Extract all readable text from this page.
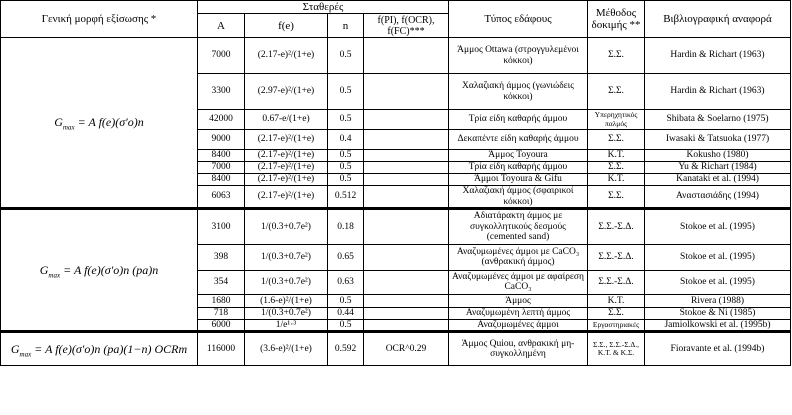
Γενική μορφή εξίσωσης *	Σταθερές				Τύπος εδάφους	Μέθοδος δοκιμής **	Βιβλιογραφική αναφορά
	A	f(e)	n	f(PI), f(OCR), f(FC)***			
$G_{max} = A$ f(e)(σ′o)n	7000	(2.17-e)²/(1+e)	0.5		Άμμος Ottawa (στρογγυλεμένοι κόκκοι)	Σ.Σ.	Hardin & Richart (1963)
	3300	(2.97-e)²/(1+e)	0.5		Χαλαζιακή άμμος (γωνιώδεις κόκκοι)	Σ.Σ.	Hardin & Richart (1963)
	42000	0.67-e/(1+e)	0.5		Τρία είδη καθαρής άμμου	Υπερηχητικός παλμός	Shibata & Soelarno (1975)
	9000	(2.17-e)²/(1+e)	0.4		Δεκαπέντε είδη καθαρής άμμου	Σ.Σ.	Iwasaki & Tatsuoka (1977)
	8400	(2.17-e)²/(1+e)	0.5		Άμμος Toyoura	Κ.Τ.	Kokusho (1980)
	7000	(2.17-e)²/(1+e)	0.5		Τρία είδη καθαρής άμμου	Σ.Σ.	Yu & Richart (1984)
	8400	(2.17-e)²/(1+e)	0.5		Άμμοι Toyoura & Gifu	Κ.Τ.	Kanatakί et al. (1994)
	6063	(2.17-e)²/(1+e)	0.512		Χαλαζιακή άμμος (σφαιρικοί κόκκοι)	Σ.Σ.	Αναστασιάδης (1994)
$G_{max} = A$ f(e)(σ′o)n (pa)n	3100	1/(0.3+0.7e²)	0.18		Αδιατάρακτη άμμος με συγκολλητικούς δεσμούς (cemented sand)	Σ.Σ.-Σ.Δ.	Stokoe et al. (1995)
	398	1/(0.3+0.7e²)	0.65		Αναζυμωμένες άμμοι με CaCO₃ (ανθρακική άμμος)	Σ.Σ.-Σ.Δ.	Stokoe et al. (1995)
	354	1/(0.3+0.7e²)	0.63		Αναζυμωμένες άμμοι με αφαίρεση CaCO₃	Σ.Σ.-Σ.Δ.	Stokoe et al. (1995)
	1680	(1.6-e)²/(1+e)	0.5		Άμμος	Κ.Τ.	Rivera (1988)
	718	1/(0.3+0.7e²)	0.44		Αναζυμωμένη λεπτή άμμος	Σ.Σ.	Stokoe & Ni (1985)
	6000	1/e¹·³	0.5		Αναζυμωμένες άμμοι	Εργαστηριακές	Jamiolkowski et al. (1995b)
$G_{max} = A$ f(e)(σ′o)n (pa)(1−n) OCRm	116000	(3.6-e)²/(1+e)	0.592	OCR^0.29	Άμμος Quiou, ανθρακική μη-συγκολλημένη	Σ.Σ., Σ.Σ.-Σ.Δ., Κ.Τ. & Κ.Σ.	Fioravante et al. (1994b)
